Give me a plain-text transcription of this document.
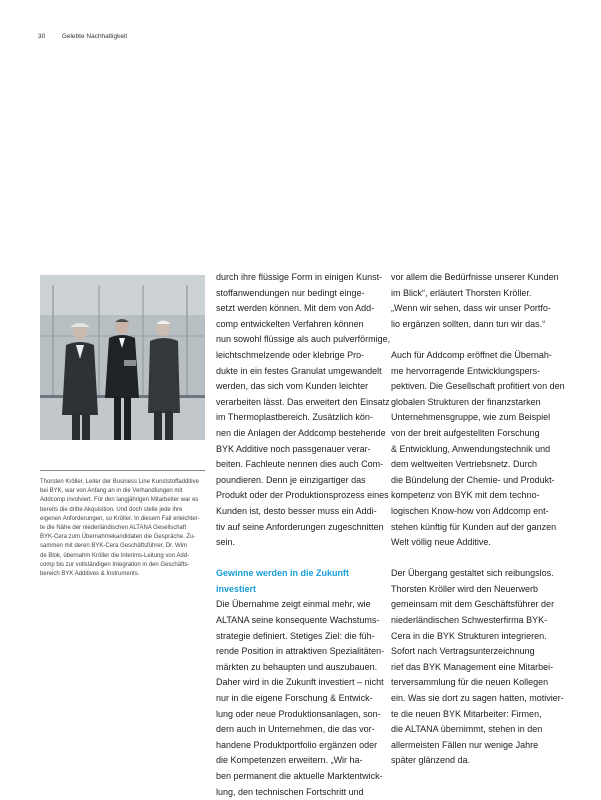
30	Gelebte Nachhaltigkeit

Thorsten Kröller, Leiter der Business Line Kunststoffadditive

bei BYK, war von Anfang an in die Verhandlungen mit

Addcomp involviert. Für den langjährigen Mitarbeiter war es

bereits die dritte Akquisition. Und doch stelle jede ihre

eigenen Anforderungen, so Kröller. In diesem Fall erleichter-

te die Nähe der niederländischen ALTANA Gesellschaft

BYK-Cera zum Übernahmekandidaten die Gespräche. Zu-

sammen mit deren BYK-Cera Geschäftsführer, Dr. Wim

de Blok, übernahm Kröller die Interims-Leitung von Add-

comp bis zur vollständigen Integration in den Geschäfts-

bereich BYK Additives & Instruments.

durch ihre flüssige Form in einigen Kunst-

stoffanwendungen nur bedingt einge-

setzt werden können. Mit dem von Add-

comp entwickelten Verfahren können

nun sowohl flüssige als auch pulverförmige,

leichtschmelzende oder klebrige Pro-

dukte in ein festes Granulat umgewandelt

werden, das sich vom Kunden leichter

verarbeiten lässt. Das erweitert den Einsatz

im Thermoplastbereich. Zusätzlich kön-

nen die Anlagen der Addcomp bestehende

BYK Additive noch passgenauer verar-

beiten. Fachleute nennen dies auch Com-

poundieren. Denn je einzigartiger das

Produkt oder der Produktionsprozess eines

Kunden ist, desto besser muss ein Addi-

tiv auf seine Anforderungen zugeschnitten

sein.

Gewinne werden in die Zukunft

investiert

Die Übernahme zeigt einmal mehr, wie

ALTANA seine konsequente Wachstums-

strategie definiert. Stetiges Ziel: die füh-

rende Position in attraktiven Spezialitäten-

märkten zu behaupten und auszubauen.

Daher wird in die Zukunft investiert – nicht

nur in die eigene Forschung & Entwick-

lung oder neue Produktionsanlagen, son-

dern auch in Unternehmen, die das vor-

handene Produktportfolio ergänzen oder

die Kompetenzen erweitern. „Wir ha-

ben permanent die aktuelle Marktentwick-

lung, den technischen Fortschritt und

vor allem die Bedürfnisse unserer Kunden

im Blick“, erläutert Thorsten Kröller.

„Wenn wir sehen, dass wir unser Portfo-

lio ergänzen sollten, dann tun wir das.“

Auch für Addcomp eröffnet die Übernah-

me hervorragende Entwicklungspers-

pektiven. Die Gesellschaft profitiert von den

globalen Strukturen der finanzstarken

Unternehmensgruppe, wie zum Beispiel

von der breit aufgestellten Forschung

& Entwicklung, Anwendungstechnik und

dem weltweiten Vertriebsnetz. Durch

die Bündelung der Chemie- und Produkt-

kompetenz von BYK mit dem techno-

logischen Know-how von Addcomp ent-

stehen künftig für Kunden auf der ganzen

Welt völlig neue Additive.

Der Übergang gestaltet sich reibungslos.

Thorsten Kröller wird den Neuerwerb

gemeinsam mit dem Geschäftsführer der

niederländischen Schwesterfirma BYK-

Cera in die BYK Strukturen integrieren.

Sofort nach Vertragsunterzeichnung

rief das BYK Management eine Mitarbei-

terversammlung für die neuen Kollegen

ein. Was sie dort zu sagen hatten, motivier-

te die neuen BYK Mitarbeiter: Firmen,

die ALTANA übernimmt, stehen in den

allermeisten Fällen nur wenige Jahre

später glänzend da.
